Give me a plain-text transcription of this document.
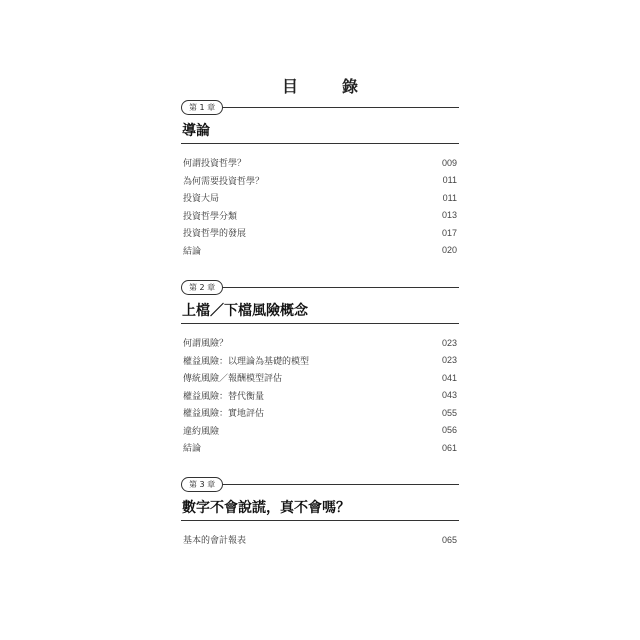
目　錄
第 1 章
導論
何謂投資哲學？	009
為何需要投資哲學？	011
投資大局	011
投資哲學分類	013
投資哲學的發展	017
結論	020
第 2 章
上檔／下檔風險概念
何謂風險？	023
權益風險：以理論為基礎的模型	023
傳統風險／報酬模型評估	041
權益風險：替代衡量	043
權益風險：實地評估	055
違約風險	056
結論	061
第 3 章
數字不會說謊，真不會嗎？
基本的會計報表	065
